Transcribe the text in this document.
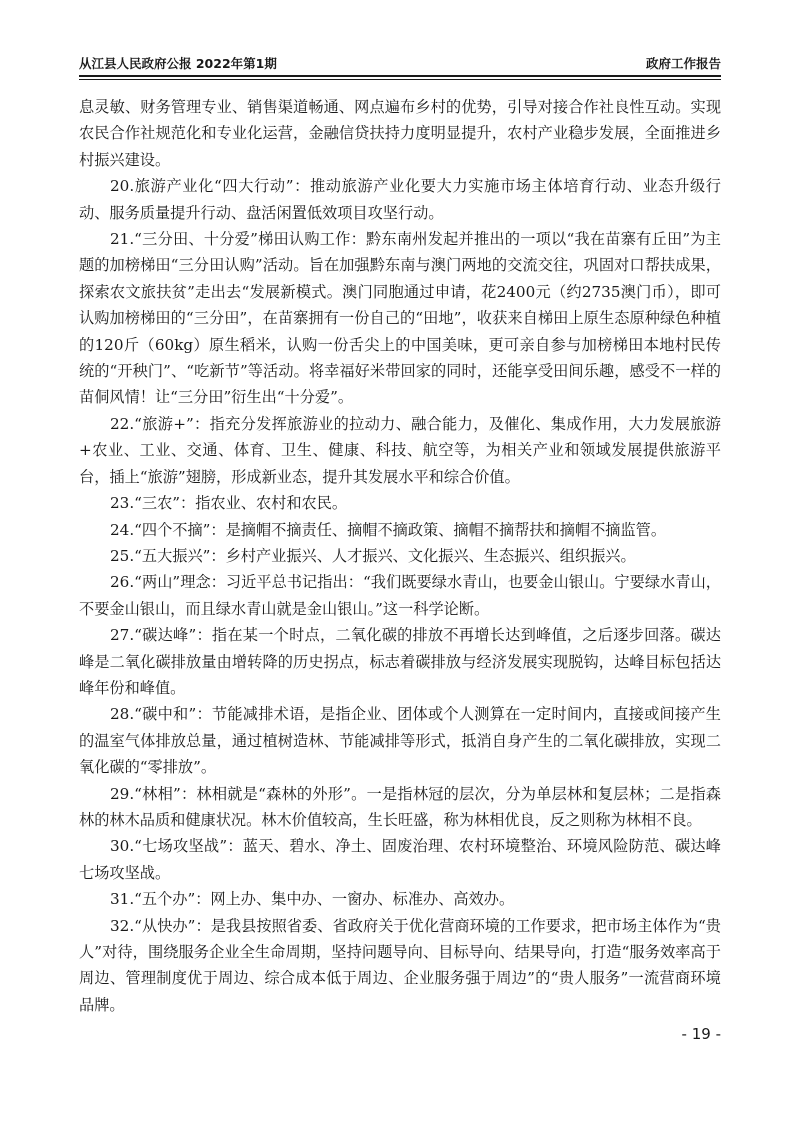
从江县人民政府公报 2022年第1期	政府工作报告

息灵敏、财务管理专业、销售渠道畅通、网点遍布乡村的优势，引导对接合作社良性互动。实现农民合作社规范化和专业化运营，金融信贷扶持力度明显提升，农村产业稳步发展，全面推进乡村振兴建设。

20.旅游产业化“四大行动”：推动旅游产业化要大力实施市场主体培育行动、业态升级行动、服务质量提升行动、盘活闲置低效项目攻坚行动。

21.“三分田、十分爱”梯田认购工作：黔东南州发起并推出的一项以“我在苗寨有丘田”为主题的加榜梯田“三分田认购”活动。旨在加强黔东南与澳门两地的交流交往，巩固对口帮扶成果，探索农文旅扶贫”走出去“发展新模式。澳门同胞通过申请，花2400元（约2735澳门币），即可认购加榜梯田的“三分田”，在苗寨拥有一份自己的“田地”，收获来自梯田上原生态原种绿色种植的120斤（60kg）原生稻米，认购一份舌尖上的中国美味，更可亲自参与加榜梯田本地村民传统的“开秧门”、“吃新节”等活动。将幸福好米带回家的同时，还能享受田间乐趣，感受不一样的苗侗风情！让“三分田”衍生出“十分爱”。

22.“旅游+”：指充分发挥旅游业的拉动力、融合能力，及催化、集成作用，大力发展旅游+农业、工业、交通、体育、卫生、健康、科技、航空等，为相关产业和领域发展提供旅游平台，插上“旅游”翅膀，形成新业态，提升其发展水平和综合价值。

23.“三农”：指农业、农村和农民。

24.“四个不摘”：是摘帽不摘责任、摘帽不摘政策、摘帽不摘帮扶和摘帽不摘监管。

25.“五大振兴”：乡村产业振兴、人才振兴、文化振兴、生态振兴、组织振兴。

26.“两山”理念：习近平总书记指出：“我们既要绿水青山，也要金山银山。宁要绿水青山，不要金山银山，而且绿水青山就是金山银山。”这一科学论断。

27.“碳达峰”：指在某一个时点，二氧化碳的排放不再增长达到峰值，之后逐步回落。碳达峰是二氧化碳排放量由增转降的历史拐点，标志着碳排放与经济发展实现脱钩，达峰目标包括达峰年份和峰值。

28.“碳中和”：节能减排术语，是指企业、团体或个人测算在一定时间内，直接或间接产生的温室气体排放总量，通过植树造林、节能减排等形式，抵消自身产生的二氧化碳排放，实现二氧化碳的“零排放”。

29.“林相”：林相就是“森林的外形”。一是指林冠的层次，分为单层林和复层林；二是指森林的林木品质和健康状况。林木价值较高，生长旺盛，称为林相优良，反之则称为林相不良。

30.“七场攻坚战”：蓝天、碧水、净土、固废治理、农村环境整治、环境风险防范、碳达峰七场攻坚战。

31.“五个办”：网上办、集中办、一窗办、标准办、高效办。

32.“从快办”：是我县按照省委、省政府关于优化营商环境的工作要求，把市场主体作为“贵人”对待，围绕服务企业全生命周期，坚持问题导向、目标导向、结果导向，打造“服务效率高于周边、管理制度优于周边、综合成本低于周边、企业服务强于周边”的“贵人服务”一流营商环境品牌。

- 19 -
